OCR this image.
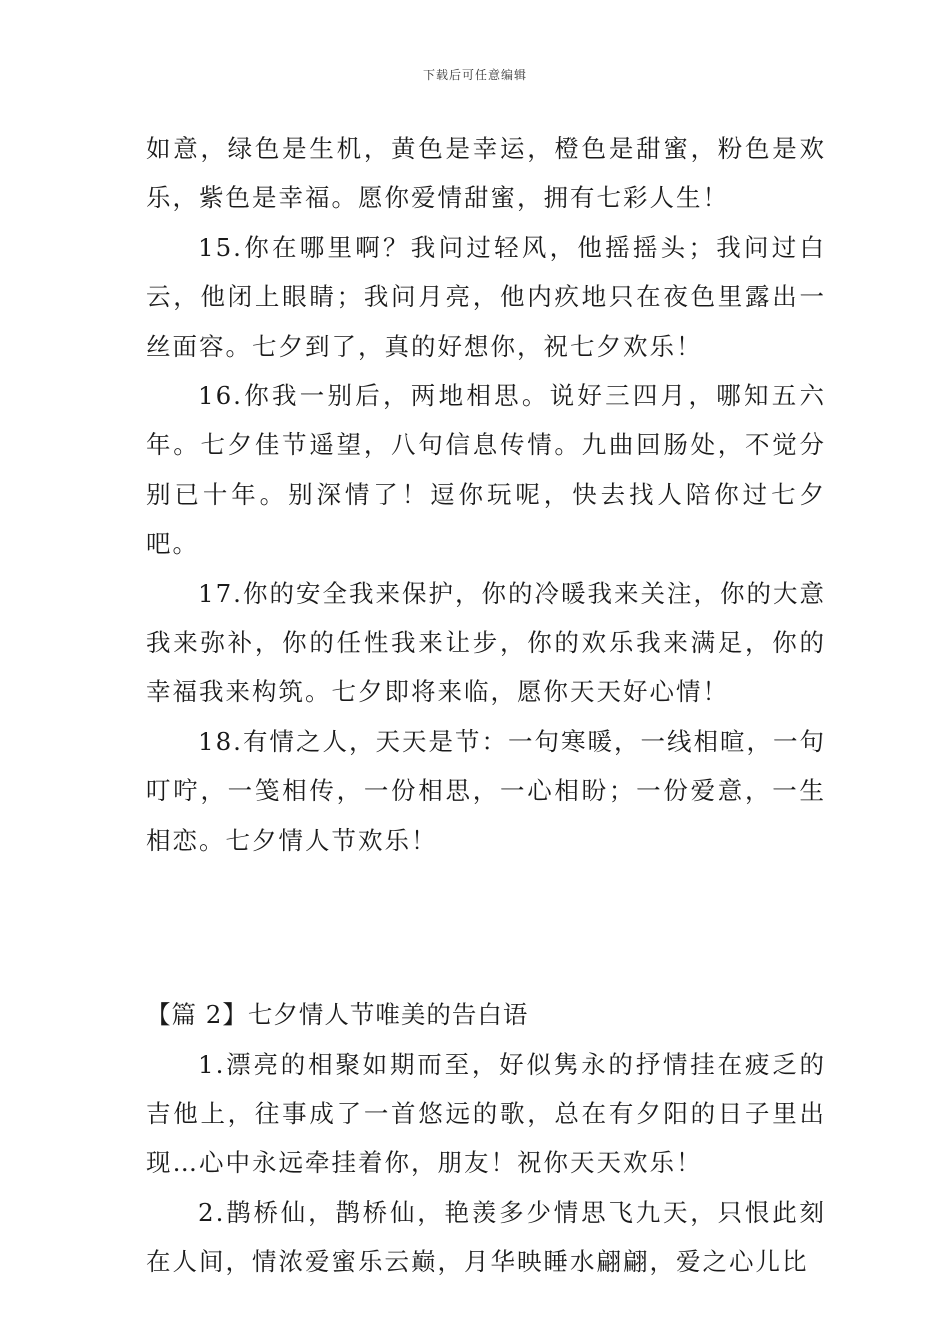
下载后可任意编辑

如意，绿色是生机，黄色是幸运，橙色是甜蜜，粉色是欢乐，紫色是幸福。愿你爱情甜蜜，拥有七彩人生！

15.你在哪里啊？我问过轻风，他摇摇头；我问过白云，他闭上眼睛；我问月亮，他内疚地只在夜色里露出一丝面容。七夕到了，真的好想你，祝七夕欢乐！

16.你我一别后，两地相思。说好三四月，哪知五六年。七夕佳节遥望，八句信息传情。九曲回肠处，不觉分别已十年。别深情了！逗你玩呢，快去找人陪你过七夕吧。

17.你的安全我来保护，你的冷暖我来关注，你的大意我来弥补，你的任性我来让步，你的欢乐我来满足，你的幸福我来构筑。七夕即将来临，愿你天天好心情！

18.有情之人，天天是节：一句寒暖，一线相暄，一句叮咛，一笺相传，一份相思，一心相盼；一份爱意，一生相恋。七夕情人节欢乐！

【篇 2】七夕情人节唯美的告白语

1.漂亮的相聚如期而至，好似隽永的抒情挂在疲乏的吉他上，往事成了一首悠远的歌，总在有夕阳的日子里出现…心中永远牵挂着你，朋友！祝你天天欢乐！

2.鹊桥仙，鹊桥仙，艳羡多少情思飞九天，只恨此刻在人间，情浓爱蜜乐云巅，月华映睡水翩翩，爱之心儿比
